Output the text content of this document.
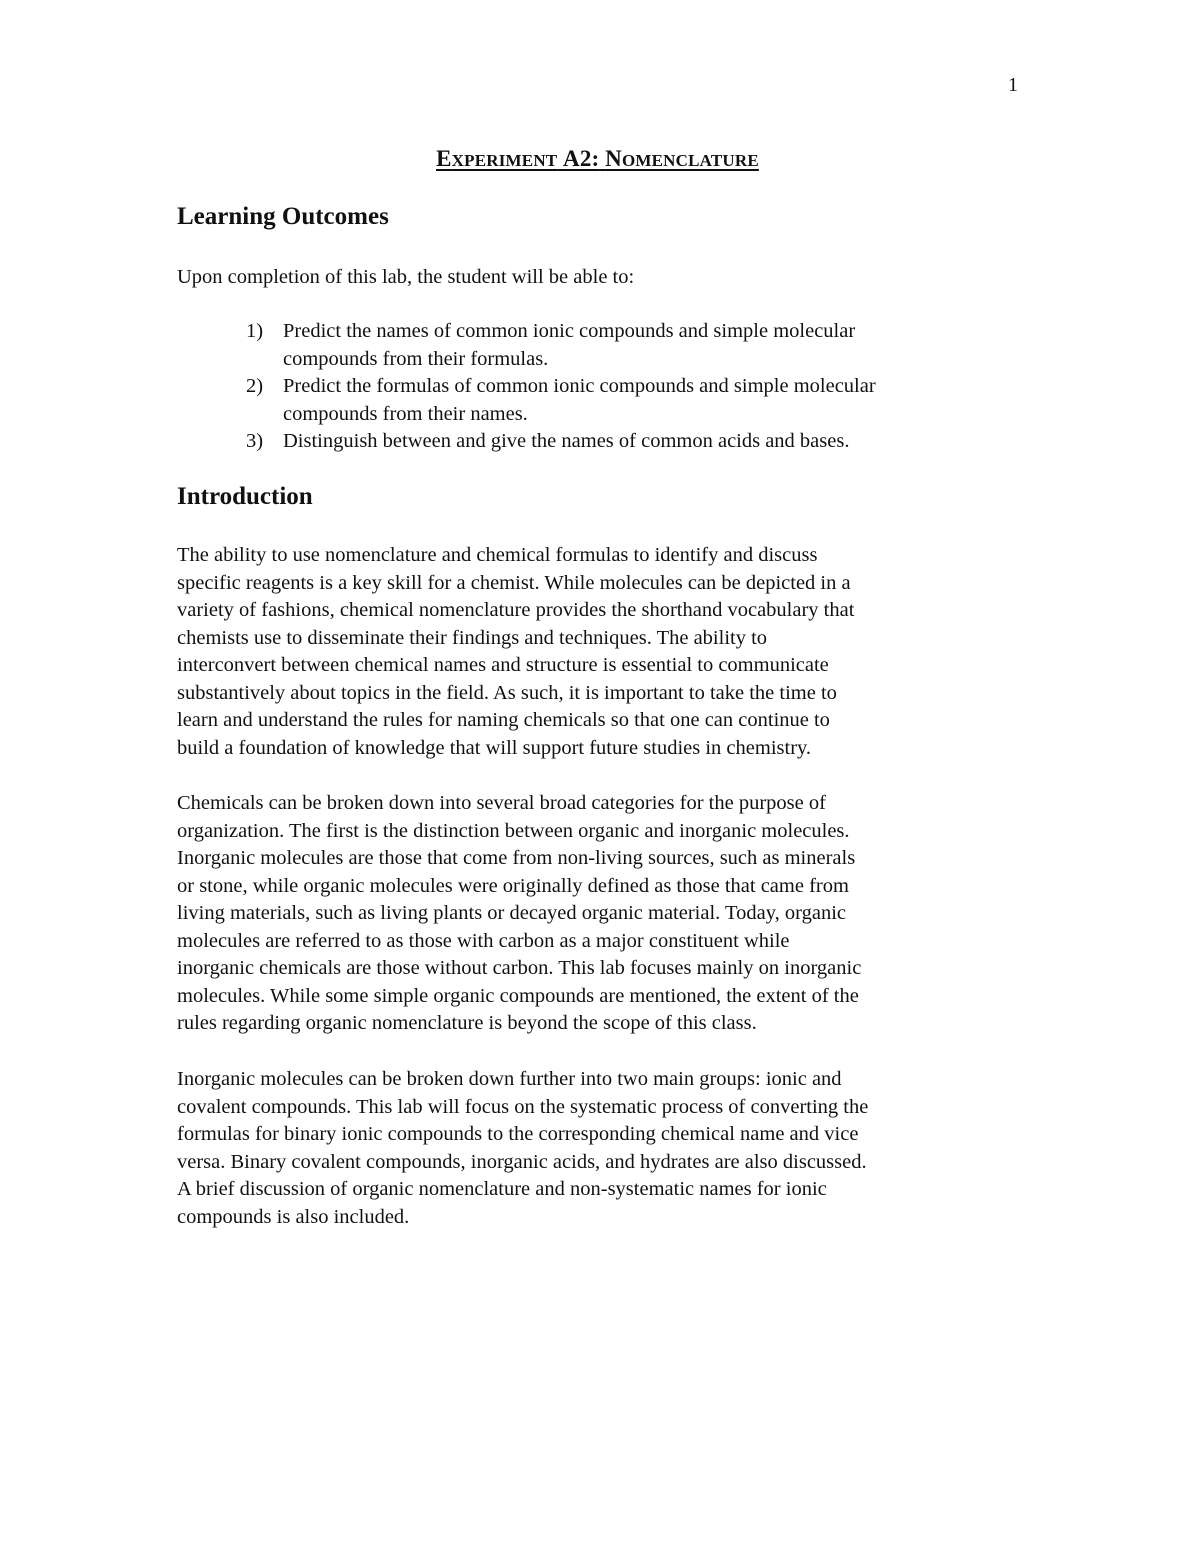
1
EXPERIMENT A2: NOMENCLATURE
Learning Outcomes

Upon completion of this lab, the student will be able to:

1) Predict the names of common ionic compounds and simple molecular
compounds from their formulas.
2) Predict the formulas of common ionic compounds and simple molecular
compounds from their names.
3) Distinguish between and give the names of common acids and bases.
Introduction

The ability to use nomenclature and chemical formulas to identify and discuss
specific reagents is a key skill for a chemist. While molecules can be depicted in a
variety of fashions, chemical nomenclature provides the shorthand vocabulary that
chemists use to disseminate their findings and techniques. The ability to
interconvert between chemical names and structure is essential to communicate
substantively about topics in the field. As such, it is important to take the time to
learn and understand the rules for naming chemicals so that one can continue to
build a foundation of knowledge that will support future studies in chemistry.

Chemicals can be broken down into several broad categories for the purpose of
organization. The first is the distinction between organic and inorganic molecules.
Inorganic molecules are those that come from non-living sources, such as minerals
or stone, while organic molecules were originally defined as those that came from
living materials, such as living plants or decayed organic material. Today, organic
molecules are referred to as those with carbon as a major constituent while
inorganic chemicals are those without carbon. This lab focuses mainly on inorganic
molecules. While some simple organic compounds are mentioned, the extent of the
rules regarding organic nomenclature is beyond the scope of this class.

Inorganic molecules can be broken down further into two main groups: ionic and
covalent compounds. This lab will focus on the systematic process of converting the
formulas for binary ionic compounds to the corresponding chemical name and vice
versa. Binary covalent compounds, inorganic acids, and hydrates are also discussed.
A brief discussion of organic nomenclature and non-systematic names for ionic
compounds is also included.
